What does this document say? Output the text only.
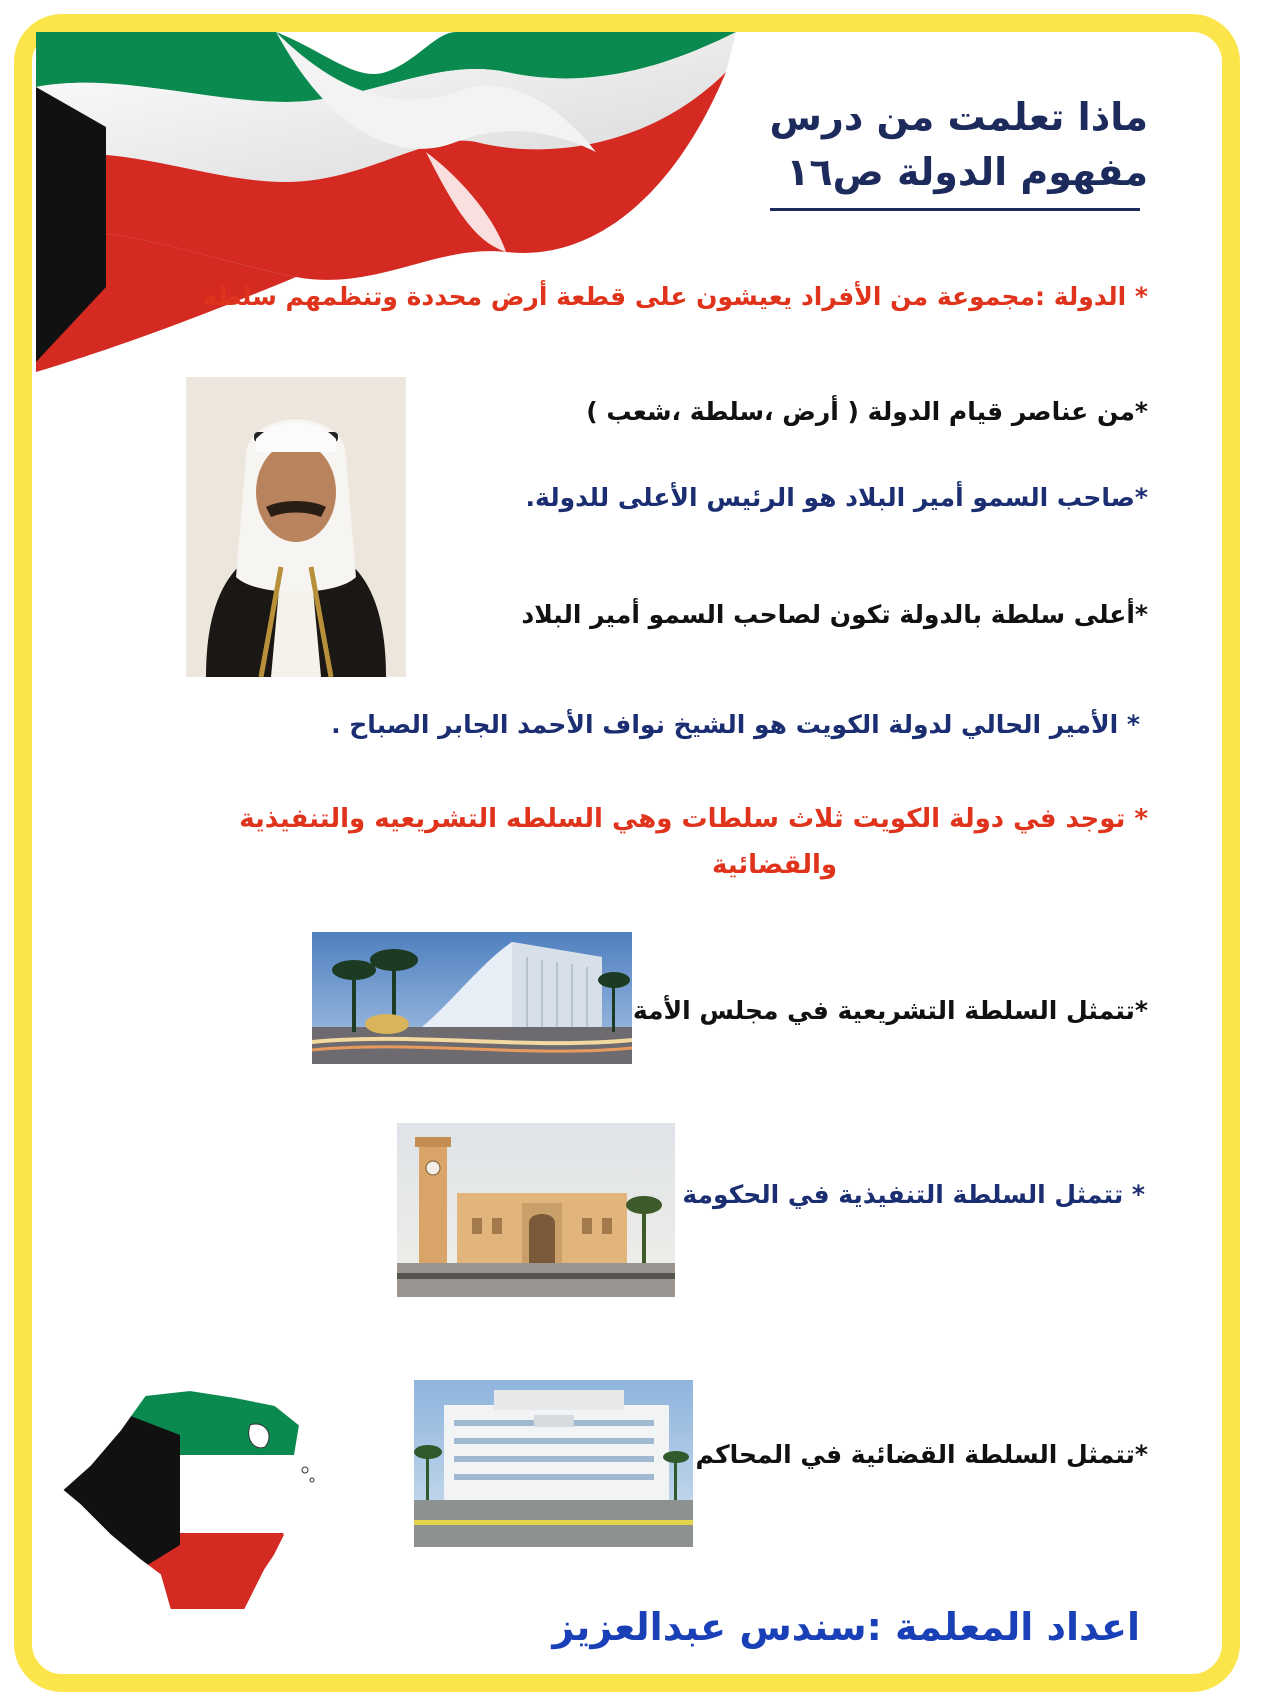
ماذا تعلمت من درس
مفهوم الدولة ص١٦
* الدولة :مجموعة من الأفراد يعيشون على قطعة أرض محددة وتنظمهم سلطة
*من عناصر قيام الدولة ( أرض ،سلطة ،شعب )
*صاحب السمو أمير البلاد هو الرئيس الأعلى للدولة.
*أعلى سلطة بالدولة تكون لصاحب السمو أمير البلاد
* الأمير الحالي لدولة الكويت هو الشيخ نواف الأحمد الجابر الصباح .
* توجد في دولة الكويت ثلاث سلطات وهي السلطه التشريعيه والتنفيذية
والقضائية
*تتمثل السلطة التشريعية في مجلس الأمة
* تتمثل السلطة التنفيذية في الحكومة
*تتمثل السلطة القضائية في المحاكم
اعداد المعلمة :سندس عبدالعزيز
